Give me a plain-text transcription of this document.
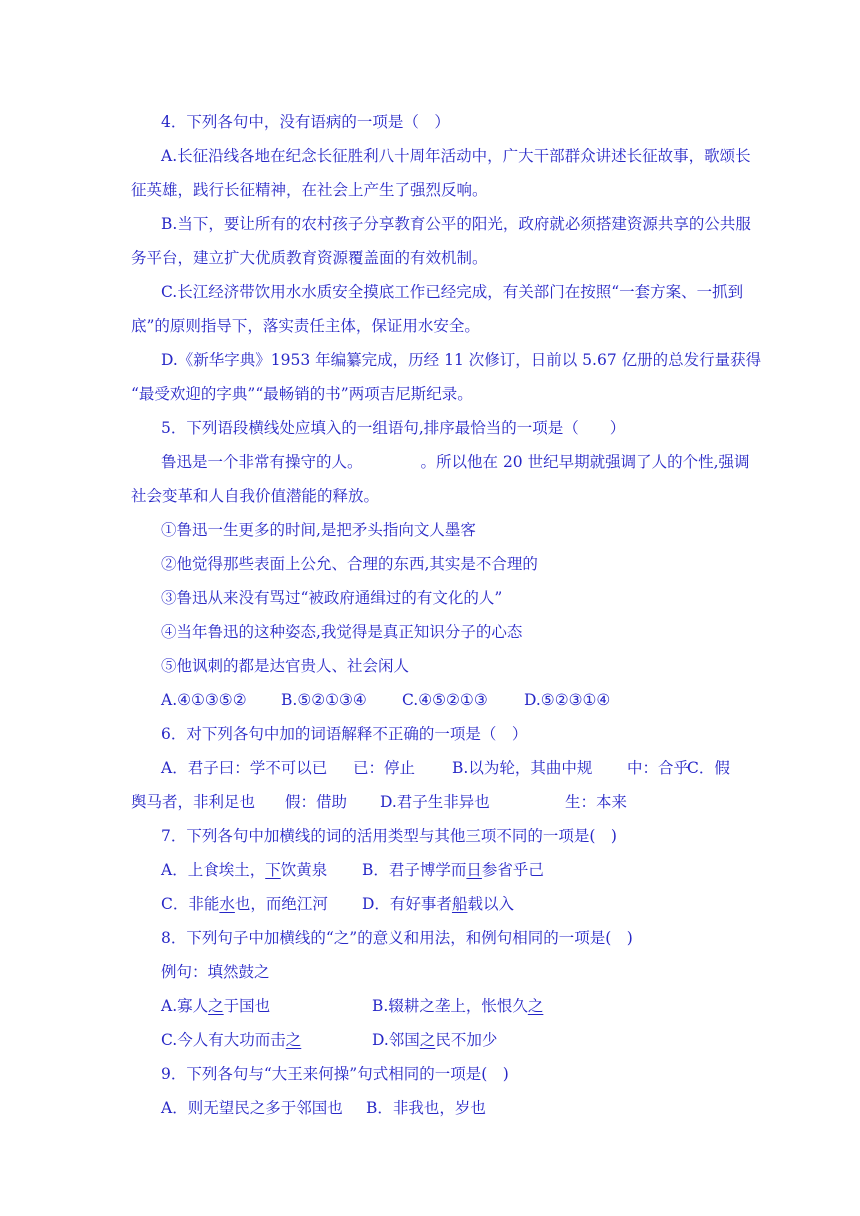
4．下列各句中，没有语病的一项是（　）
A.长征沿线各地在纪念长征胜利八十周年活动中，广大干部群众讲述长征故事，歌颂长
征英雄，践行长征精神，在社会上产生了强烈反响。
B.当下，要让所有的农村孩子分享教育公平的阳光，政府就必须搭建资源共享的公共服
务平台，建立扩大优质教育资源覆盖面的有效机制。
C.长江经济带饮用水水质安全摸底工作已经完成，有关部门在按照“一套方案、一抓到
底”的原则指导下，落实责任主体，保证用水安全。
D.《新华字典》1953 年编纂完成，历经 11 次修订，日前以 5.67 亿册的总发行量获得
“最受欢迎的字典”“最畅销的书”两项吉尼斯纪录。
5．下列语段横线处应填入的一组语句,排序最恰当的一项是（　　）
鲁迅是一个非常有操守的人。	。所以他在 20 世纪早期就强调了人的个性,强调
社会变革和人自我价值潜能的释放。
①鲁迅一生更多的时间,是把矛头指向文人墨客
②他觉得那些表面上公允、合理的东西,其实是不合理的
③鲁迅从来没有骂过“被政府通缉过的有文化的人”
④当年鲁迅的这种姿态,我觉得是真正知识分子的心态
⑤他讽刺的都是达官贵人、社会闲人
A.④①③⑤② B.⑤②①③④ C.④⑤②①③ D.⑤②③①④
6．对下列各句中加的词语解释不正确的一项是（　）
A．君子曰：学不可以已 已：停止 B.以为轮，其曲中规 中：合乎
C．假
舆马者，非利足也 假：借助 D.君子生非异也	生：本来
7．下列各句中加横线的词的活用类型与其他三项不同的一项是(　)
A．上食埃土，下饮黄泉 B．君子博学而日参省乎己
C．非能水也，而绝江河 D．有好事者船载以入
8．下列句子中加横线的“之”的意义和用法，和例句相同的一项是(　)
例句：填然鼓之
A.寡人之于国也	B.辍耕之垄上，怅恨久之
C.今人有大功而击之	D.邻国之民不加少
9．下列各句与“大王来何操”句式相同的一项是(　)
A．则无望民之多于邻国也 B．非我也，岁也
